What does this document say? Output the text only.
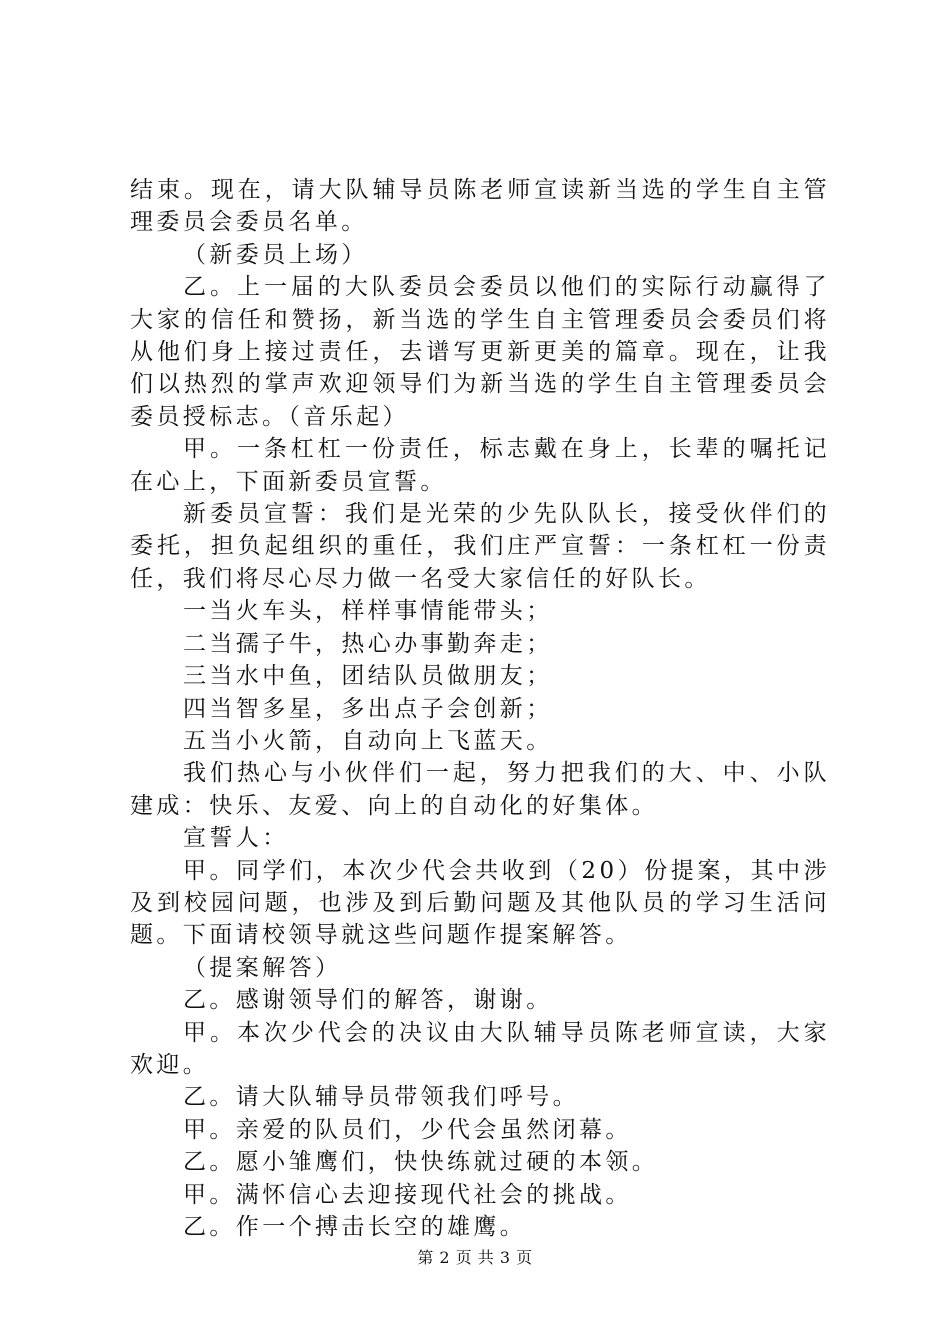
结束。现在，请大队辅导员陈老师宣读新当选的学生自主管理委员会委员名单。

（新委员上场）

乙。上一届的大队委员会委员以他们的实际行动赢得了大家的信任和赞扬，新当选的学生自主管理委员会委员们将从他们身上接过责任，去谱写更新更美的篇章。现在，让我们以热烈的掌声欢迎领导们为新当选的学生自主管理委员会委员授标志。（音乐起）

甲。一条杠杠一份责任，标志戴在身上，长辈的嘱托记在心上，下面新委员宣誓。

新委员宣誓：我们是光荣的少先队队长，接受伙伴们的委托，担负起组织的重任，我们庄严宣誓：一条杠杠一份责任，我们将尽心尽力做一名受大家信任的好队长。

一当火车头，样样事情能带头；

二当孺子牛，热心办事勤奔走；

三当水中鱼，团结队员做朋友；

四当智多星，多出点子会创新；

五当小火箭，自动向上飞蓝天。

我们热心与小伙伴们一起，努力把我们的大、中、小队建成：快乐、友爱、向上的自动化的好集体。

宣誓人：

甲。同学们，本次少代会共收到（20）份提案，其中涉及到校园问题，也涉及到后勤问题及其他队员的学习生活问题。下面请校领导就这些问题作提案解答。

（提案解答）

乙。感谢领导们的解答，谢谢。

甲。本次少代会的决议由大队辅导员陈老师宣读，大家欢迎。

乙。请大队辅导员带领我们呼号。

甲。亲爱的队员们，少代会虽然闭幕。

乙。愿小雏鹰们，快快练就过硬的本领。

甲。满怀信心去迎接现代社会的挑战。

乙。作一个搏击长空的雄鹰。

第 2 页 共 3 页
